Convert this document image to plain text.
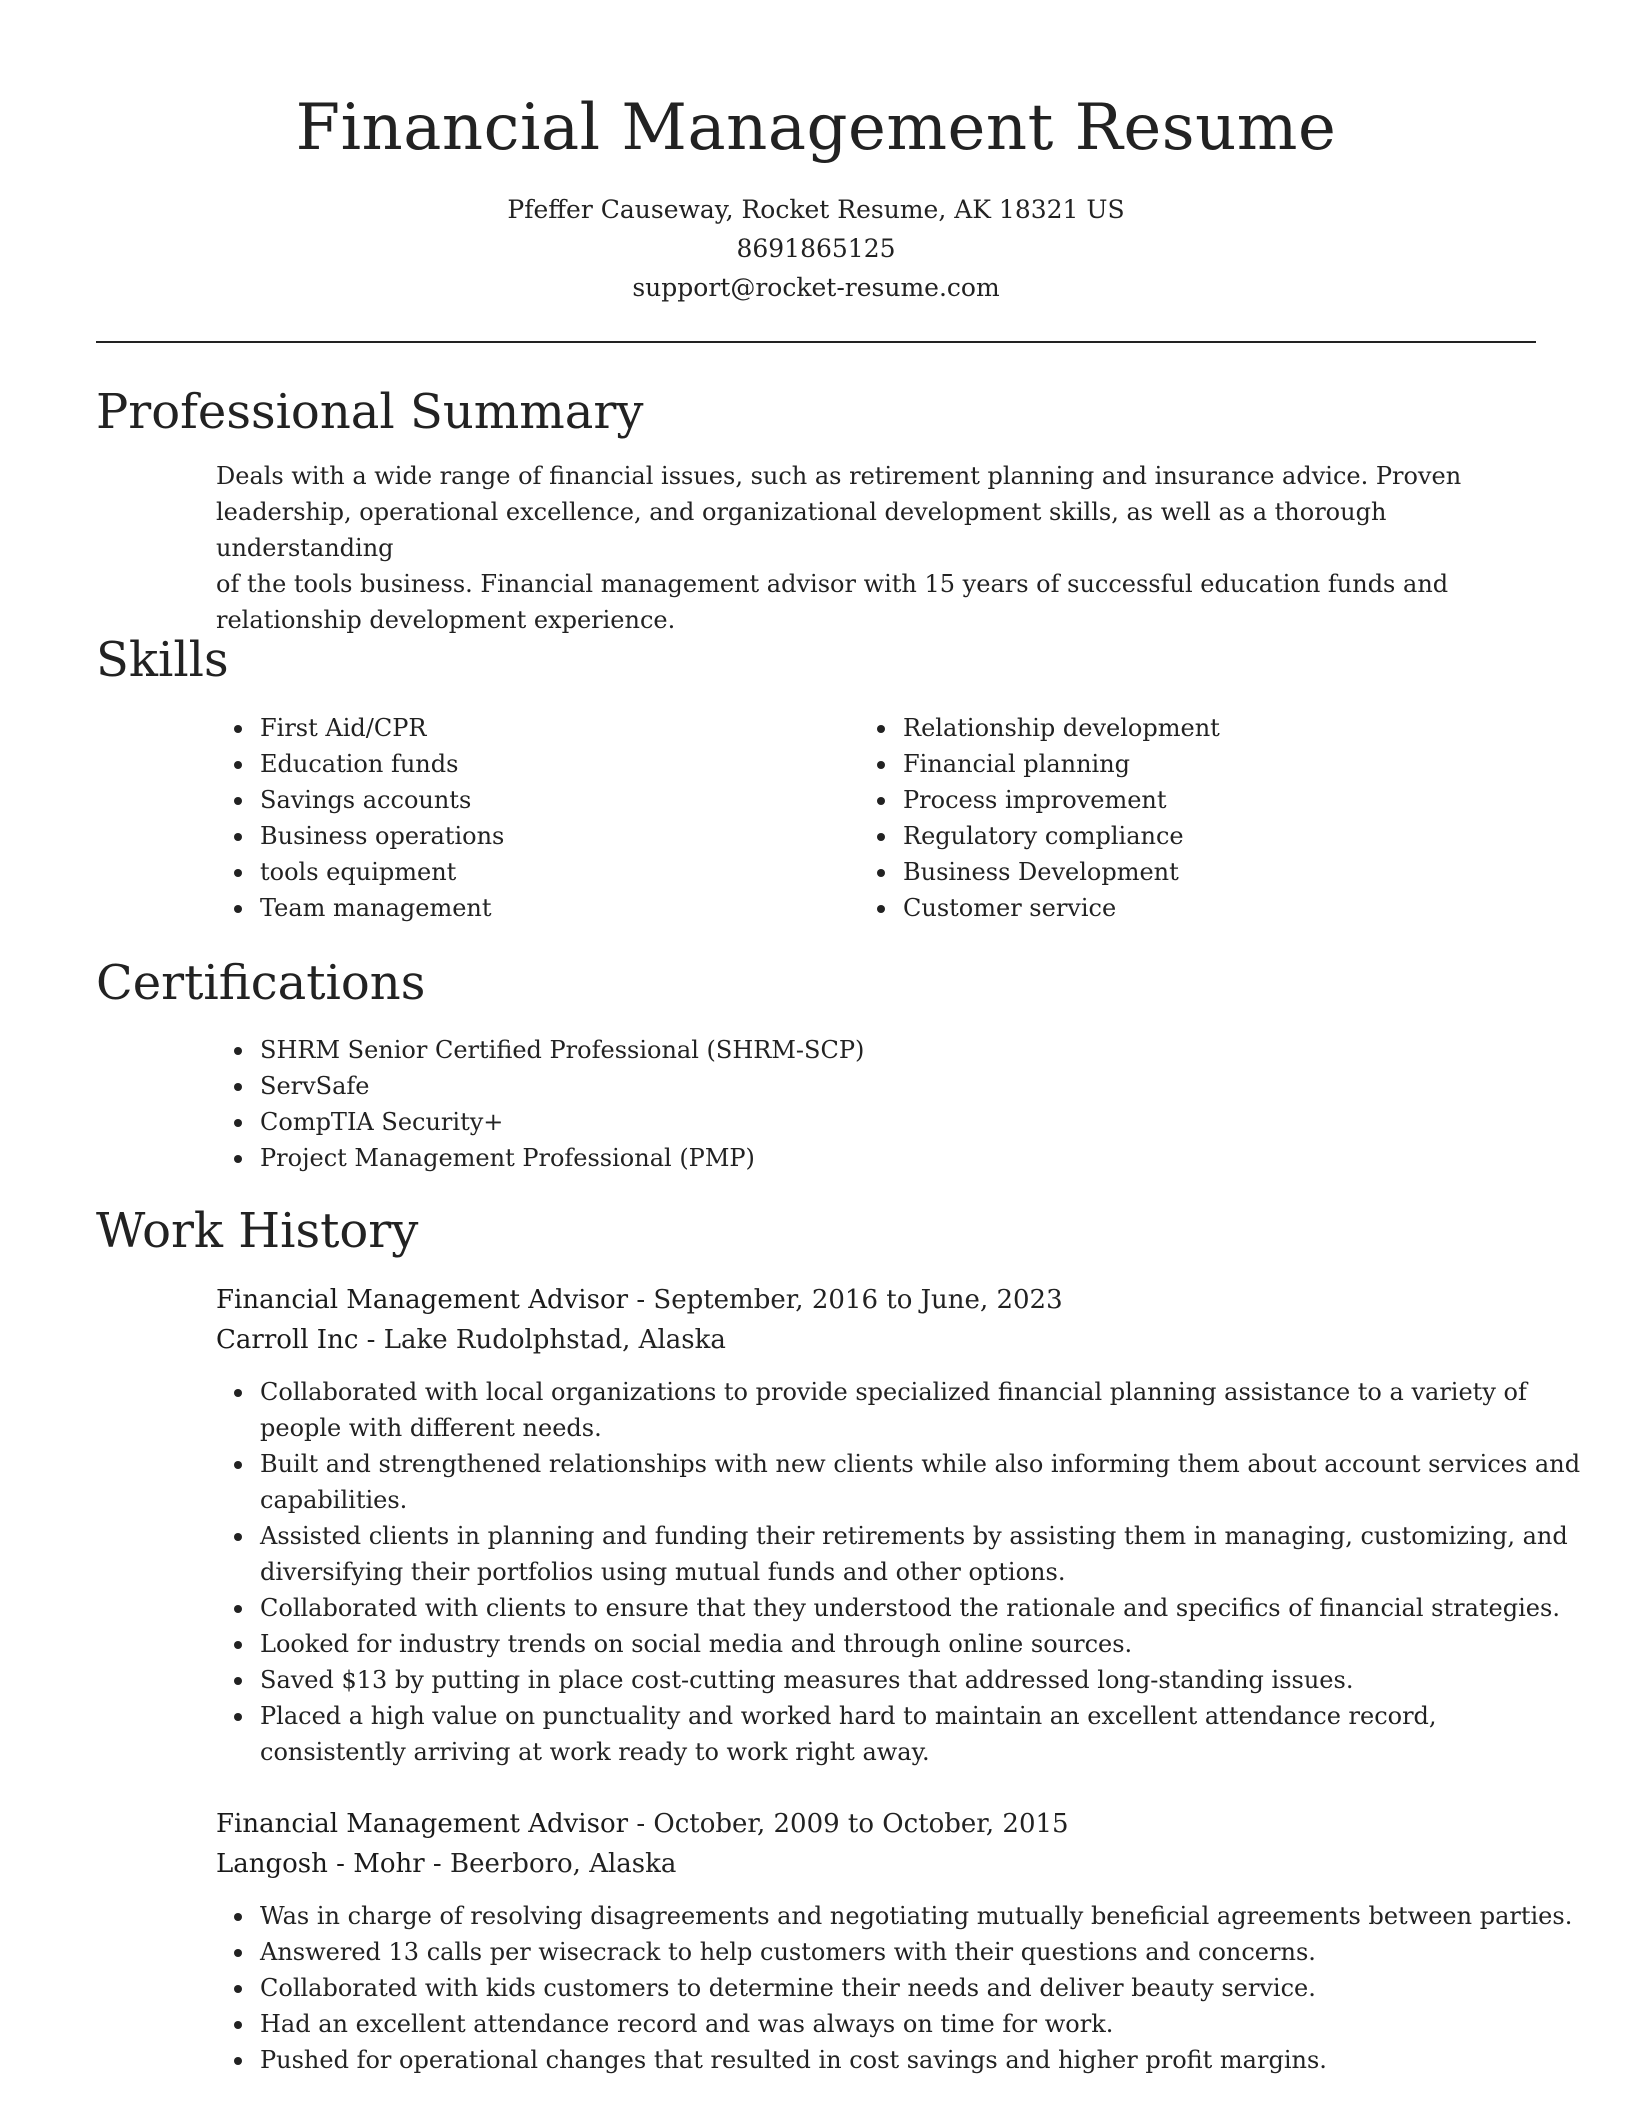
Financial Management Resume
Pfeffer Causeway, Rocket Resume, AK 18321 US
8691865125
support@rocket-resume.com
Professional Summary
Deals with a wide range of financial issues, such as retirement planning and insurance advice. Proven
leadership, operational excellence, and organizational development skills, as well as a thorough understanding
of the tools business. Financial management advisor with 15 years of successful education funds and
relationship development experience.
Skills
First Aid/CPR
Education funds
Savings accounts
Business operations
tools equipment
Team management
Relationship development
Financial planning
Process improvement
Regulatory compliance
Business Development
Customer service
Certifications
SHRM Senior Certified Professional (SHRM-SCP)
ServSafe
CompTIA Security+
Project Management Professional (PMP)
Work History
Financial Management Advisor - September, 2016 to June, 2023
Carroll Inc - Lake Rudolphstad, Alaska
Collaborated with local organizations to provide specialized financial planning assistance to a variety of people with different needs.
Built and strengthened relationships with new clients while also informing them about account services and capabilities.
Assisted clients in planning and funding their retirements by assisting them in managing, customizing, and diversifying their portfolios using mutual funds and other options.
Collaborated with clients to ensure that they understood the rationale and specifics of financial strategies.
Looked for industry trends on social media and through online sources.
Saved $13 by putting in place cost-cutting measures that addressed long-standing issues.
Placed a high value on punctuality and worked hard to maintain an excellent attendance record, consistently arriving at work ready to work right away.
Financial Management Advisor - October, 2009 to October, 2015
Langosh - Mohr - Beerboro, Alaska
Was in charge of resolving disagreements and negotiating mutually beneficial agreements between parties.
Answered 13 calls per wisecrack to help customers with their questions and concerns.
Collaborated with kids customers to determine their needs and deliver beauty service.
Had an excellent attendance record and was always on time for work.
Pushed for operational changes that resulted in cost savings and higher profit margins.
